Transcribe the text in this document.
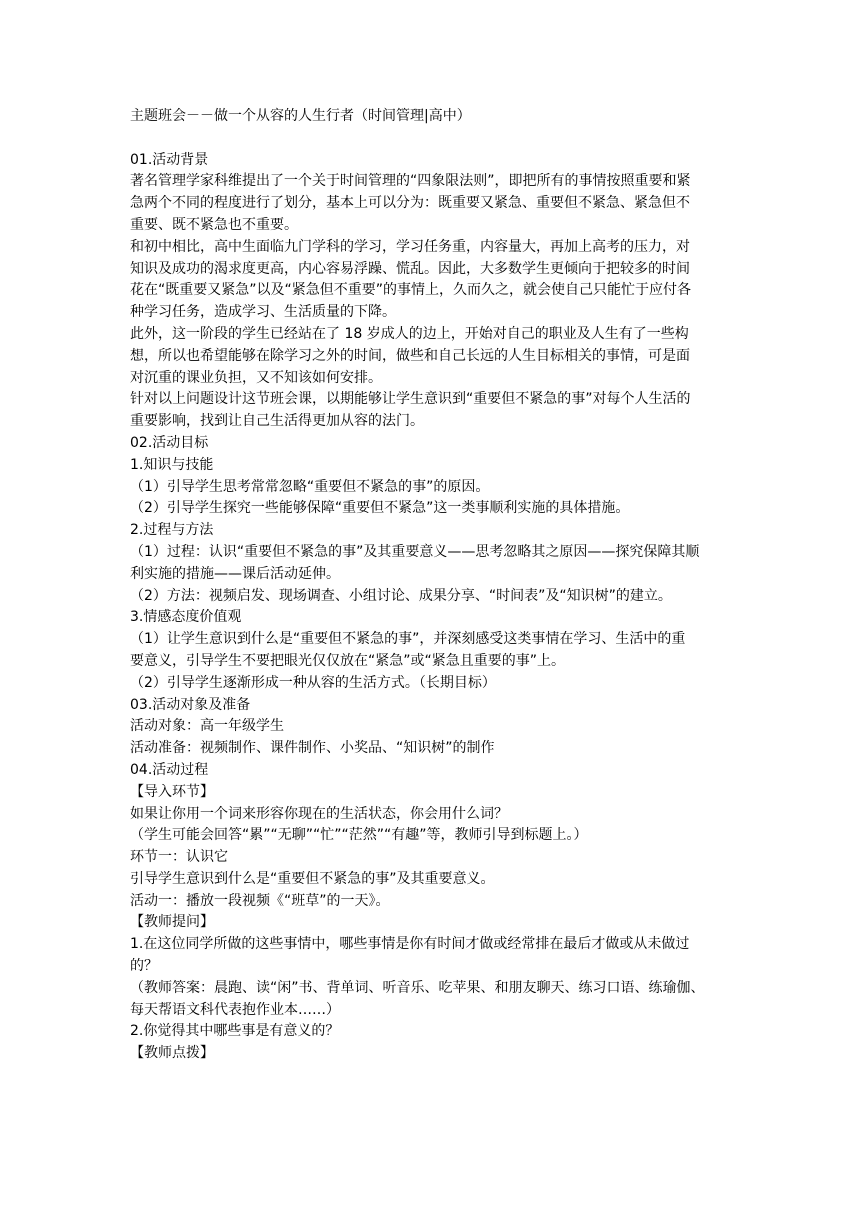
主题班会－－做一个从容的人生行者（时间管理|高中）
01.活动背景
著名管理学家科维提出了一个关于时间管理的“四象限法则”，即把所有的事情按照重要和紧
急两个不同的程度进行了划分，基本上可以分为：既重要又紧急、重要但不紧急、紧急但不
重要、既不紧急也不重要。
和初中相比，高中生面临九门学科的学习，学习任务重，内容量大，再加上高考的压力，对
知识及成功的渴求度更高，内心容易浮躁、慌乱。因此，大多数学生更倾向于把较多的时间
花在“既重要又紧急”以及“紧急但不重要”的事情上，久而久之，就会使自己只能忙于应付各
种学习任务，造成学习、生活质量的下降。
此外，这一阶段的学生已经站在了 18 岁成人的边上，开始对自己的职业及人生有了一些构
想，所以也希望能够在除学习之外的时间，做些和自己长远的人生目标相关的事情，可是面
对沉重的课业负担，又不知该如何安排。
针对以上问题设计这节班会课，以期能够让学生意识到“重要但不紧急的事”对每个人生活的
重要影响，找到让自己生活得更加从容的法门。
02.活动目标
1.知识与技能
（1）引导学生思考常常忽略“重要但不紧急的事”的原因。
（2）引导学生探究一些能够保障“重要但不紧急”这一类事顺利实施的具体措施。
2.过程与方法
（1）过程：认识“重要但不紧急的事”及其重要意义——思考忽略其之原因——探究保障其顺
利实施的措施——课后活动延伸。
（2）方法：视频启发、现场调查、小组讨论、成果分享、“时间表”及“知识树”的建立。
3.情感态度价值观
（1）让学生意识到什么是“重要但不紧急的事”，并深刻感受这类事情在学习、生活中的重
要意义，引导学生不要把眼光仅仅放在“紧急”或“紧急且重要的事”上。
（2）引导学生逐渐形成一种从容的生活方式。（长期目标）
03.活动对象及准备
活动对象：高一年级学生
活动准备：视频制作、课件制作、小奖品、“知识树”的制作
04.活动过程
【导入环节】
如果让你用一个词来形容你现在的生活状态，你会用什么词？
（学生可能会回答“累”“无聊”“忙”“茫然”“有趣”等，教师引导到标题上。）
环节一：认识它
引导学生意识到什么是“重要但不紧急的事”及其重要意义。
活动一：播放一段视频《“班草”的一天》。
【教师提问】
1.在这位同学所做的这些事情中，哪些事情是你有时间才做或经常排在最后才做或从未做过
的？
（教师答案：晨跑、读“闲”书、背单词、听音乐、吃苹果、和朋友聊天、练习口语、练瑜伽、
每天帮语文科代表抱作业本……）
2.你觉得其中哪些事是有意义的？
【教师点拨】
